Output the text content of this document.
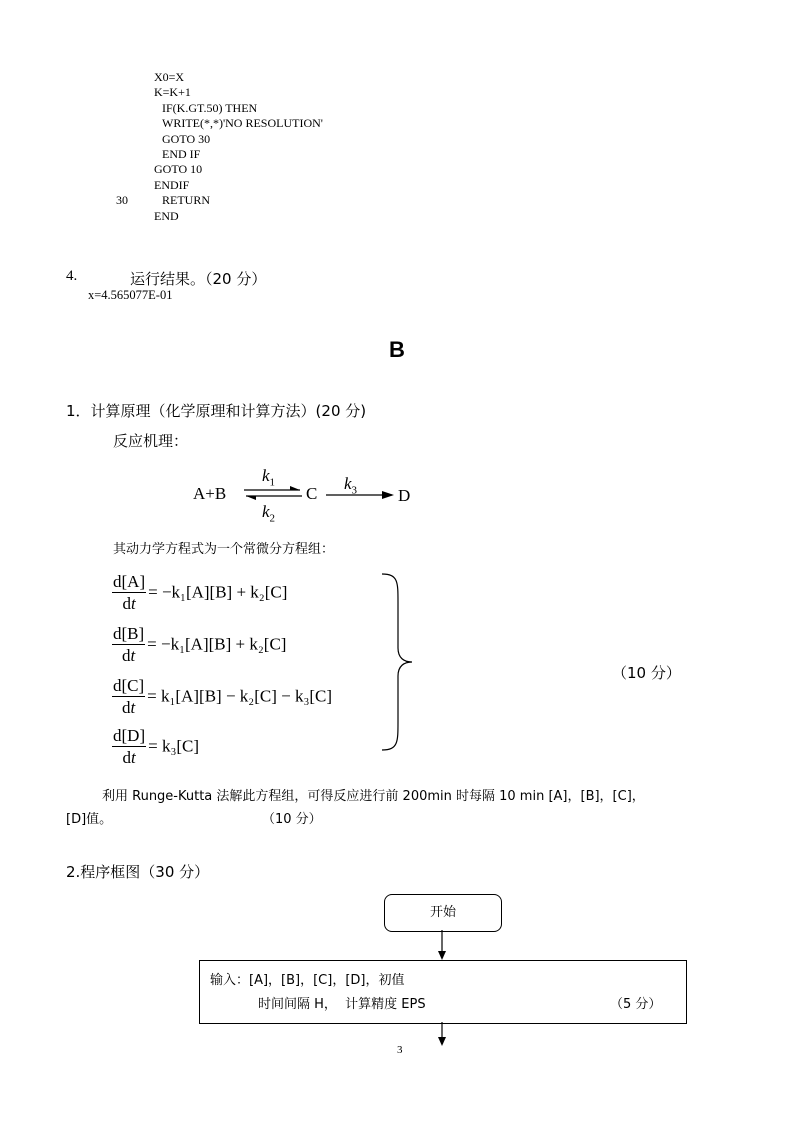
X0=X
K=K+1
IF(K.GT.50) THEN
WRITE(*,*)'NO RESOLUTION'
GOTO 30
END IF
GOTO 10
ENDIF
RETURN
30
END
4.	运行结果。（20 分）
x=4.565077E-01
B
1．计算原理（化学原理和计算方法）(20 分)
反应机理：
A+B
$k_1$
$k_2$
⇌ C
$k_3$ D
其动力学方程式为一个常微分方程组：
$\frac{d[A]}{dt} = -k_1[A][B] + k_2[C]$
$\frac{d[B]}{dt} = -k_1[A][B] + k_2[C]$
$\frac{d[C]}{dt} = k_1[A][B] - k_2[C] - k_3[C]$
$\frac{d[D]}{dt} = k_3[C]$
（10 分）
利用 Runge-Kutta 法解此方程组，可得反应进行前 200min 时每隔 10 min [A]，[B]，[C]，
[D]值。	（10 分）
2.程序框图（30 分）
开始
输入：[A]，[B]，[C]，[D]，初值
时间间隔 H，  计算精度 EPS	（5 分）
3
